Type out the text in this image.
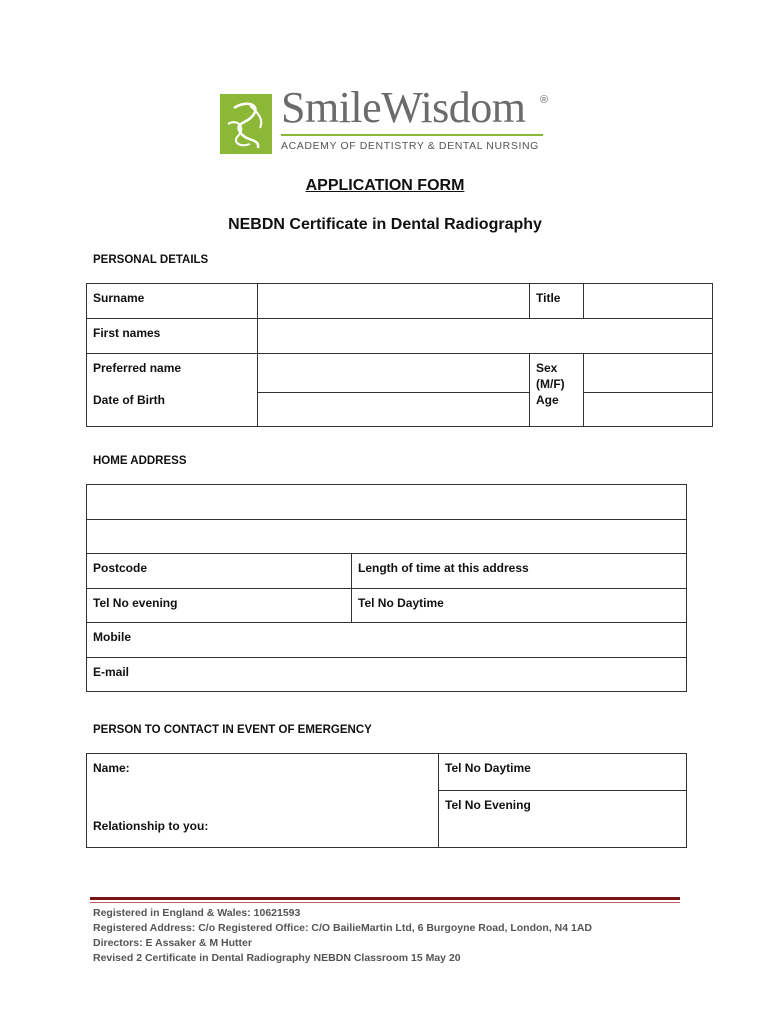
SmileWisdom ®
ACADEMY OF DENTISTRY & DENTAL NURSING
APPLICATION FORM
NEBDN Certificate in Dental Radiography
PERSONAL DETAILS
Surname		Title	
First names			
Preferred name		Sex
(M/F)	

Date of Birth		Age	
HOME ADDRESS

Postcode	Length of time at this address
Tel No evening	Tel No Daytime
Mobile	
E-mail	
PERSON TO CONTACT IN EVENT OF EMERGENCY
Name:
Relationship to you:
	Tel No Daytime
Tel No Evening
Registered in England & Wales: 10621593
Registered Address: C/o Registered Office: C/O BailieMartin Ltd, 6 Burgoyne Road, London, N4 1AD
Directors: E Assaker & M Hutter
Revised 2 Certificate in Dental Radiography NEBDN Classroom 15 May 20
